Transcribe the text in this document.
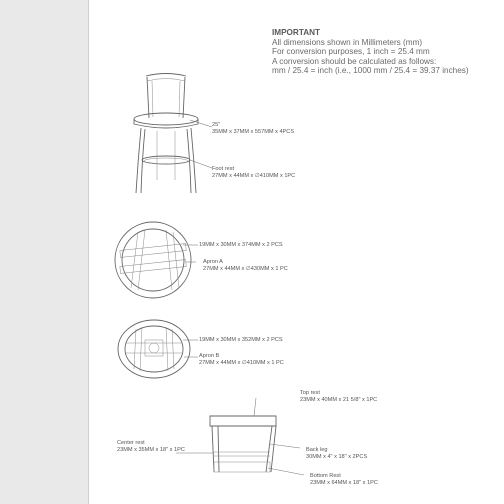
IMPORTANT
All dimensions shown in Millimeters (mm)
For conversion purposes, 1 inch = 25.4 mm
A conversion should be calculated as follows:
mm / 25.4 = inch (i.e., 1000 mm / 25.4 = 39.37 inches)
25"
35MM x 37MM x 557MM x 4PCS
Foot rest
27MM x 44MM x ∅410MM x 1PC
19MM x 30MM x 374MM x 2 PCS
Apron A
27MM x 44MM x ∅430MM x 1 PC
19MM x 30MM x 352MM x 2 PCS
Apron B
27MM x 44MM x ∅410MM x 1 PC
Top rest
23MM x 40MM x 21 5/8" x 1PC
Center rest
23MM x 35MM x 18" x 1PC	Back leg
30MM x 4" x 18" x 2PCS
Bottom Rest
23MM x 64MM x 18" x 1PC
